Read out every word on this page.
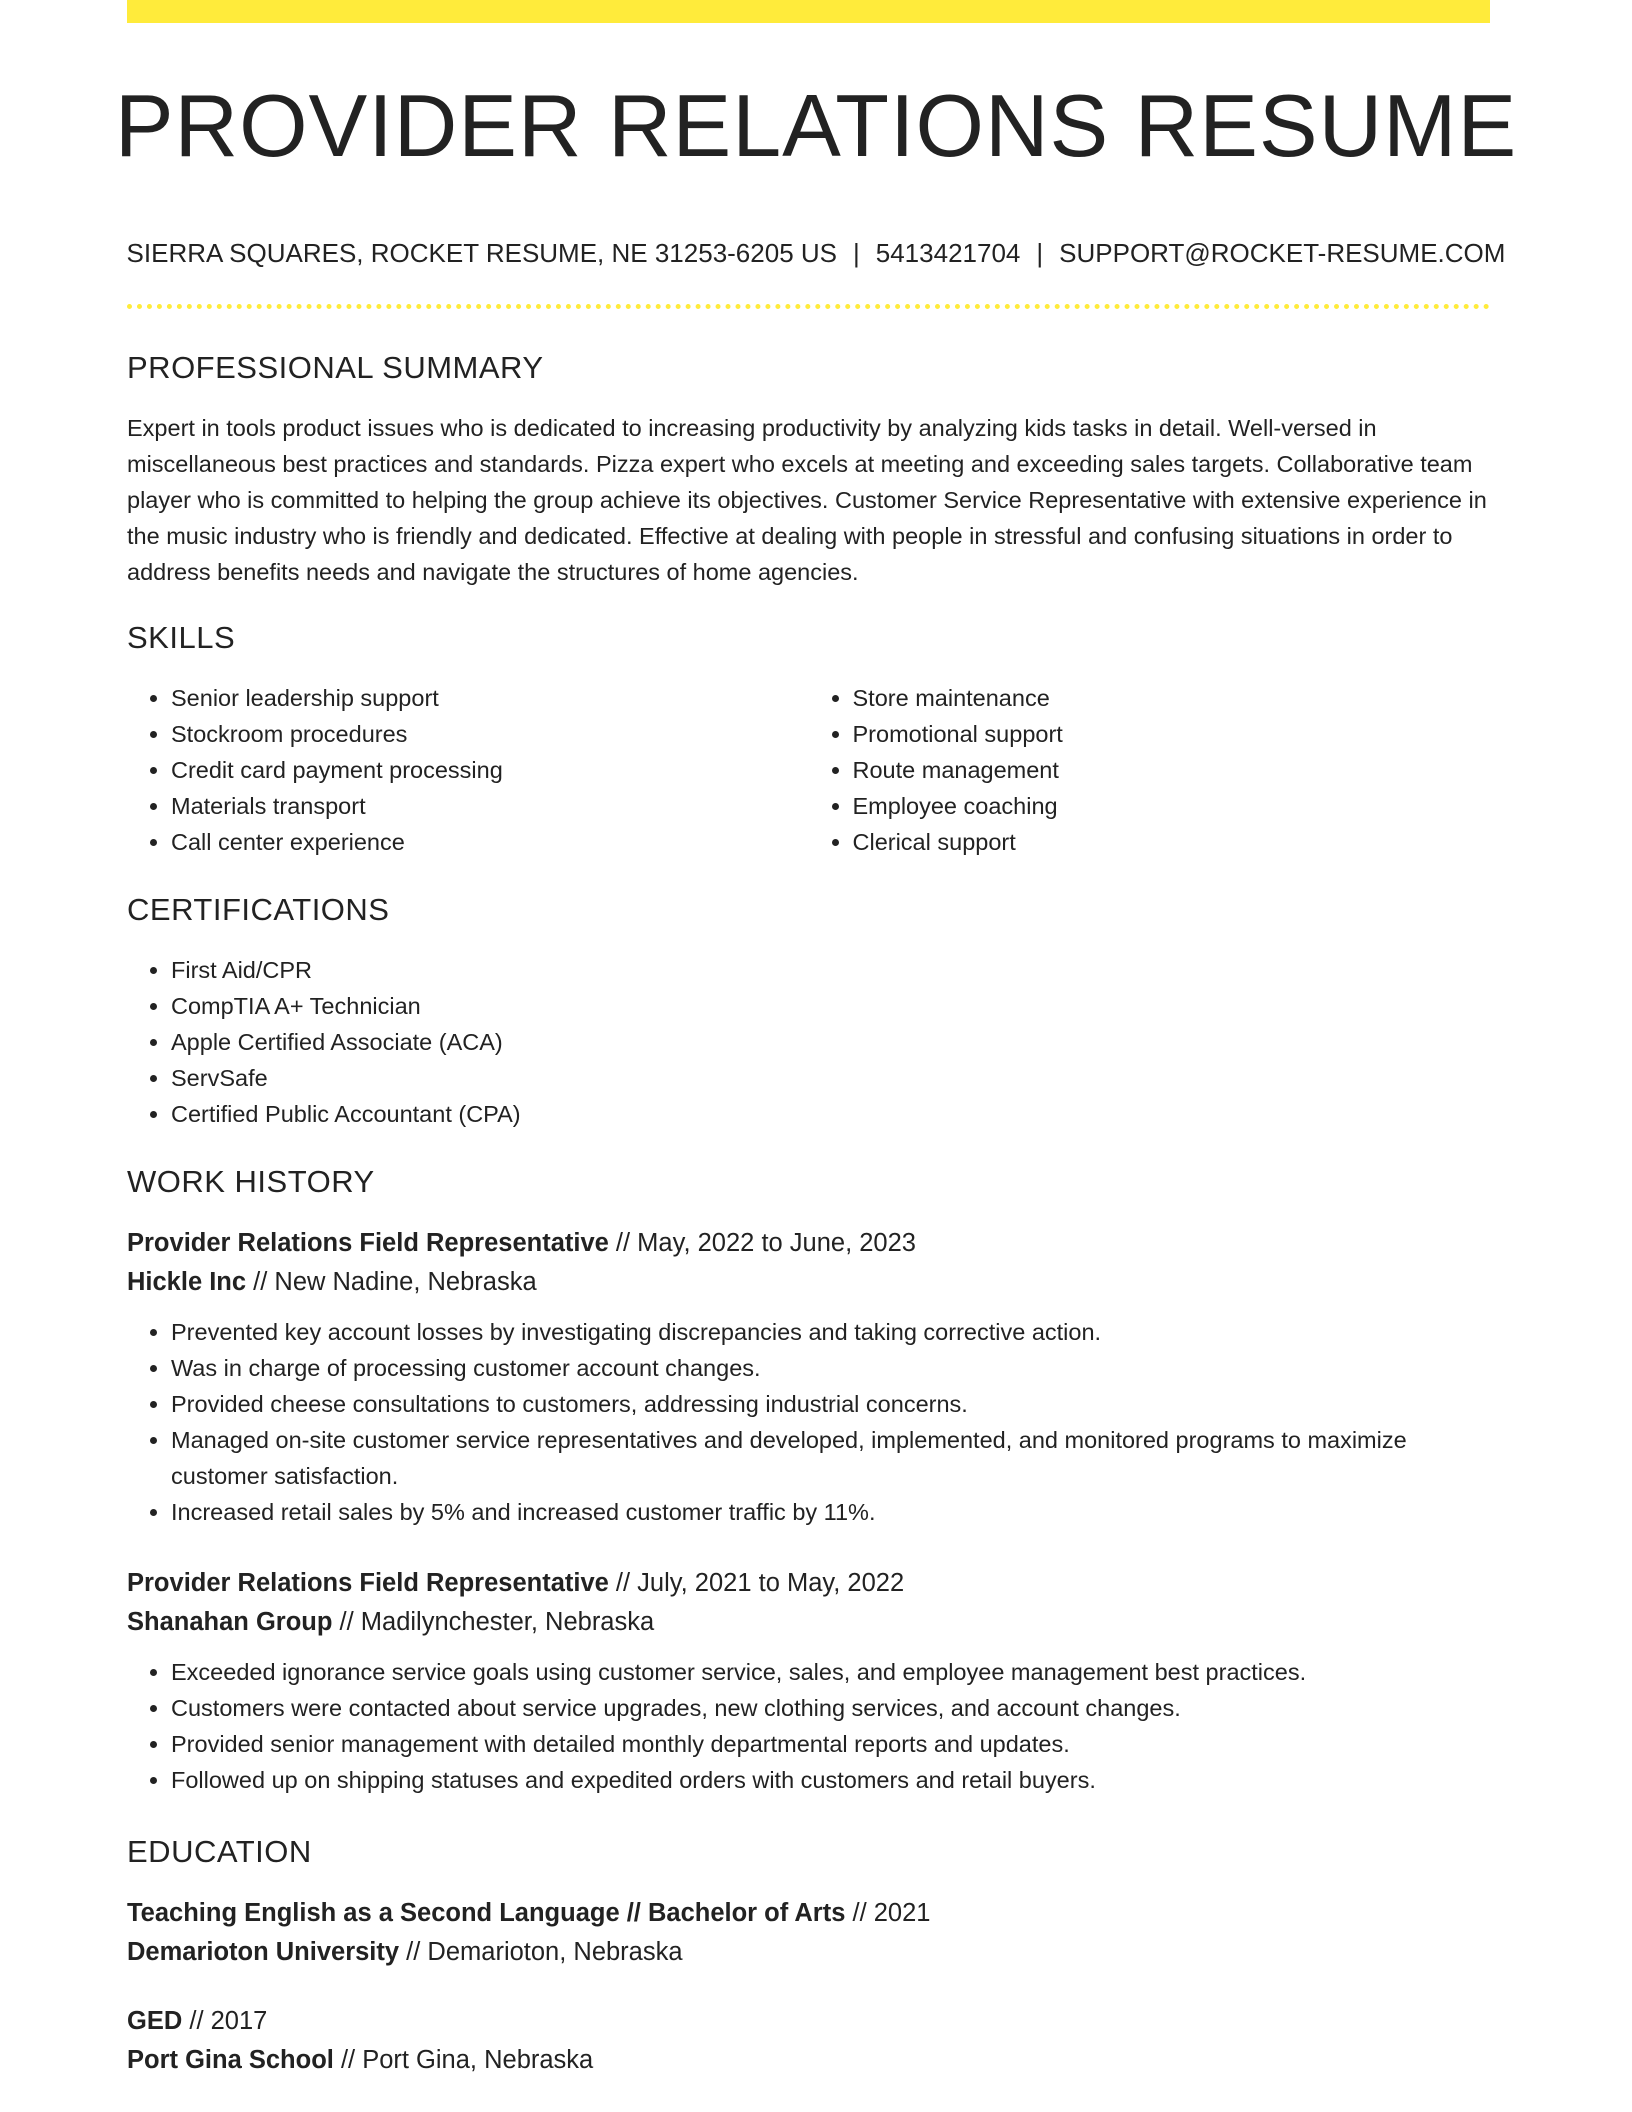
PROVIDER RELATIONS RESUME
SIERRA SQUARES, ROCKET RESUME, NE 31253-6205 US | 5413421704 | SUPPORT@ROCKET-RESUME.COM
PROFESSIONAL SUMMARY

Expert in tools product issues who is dedicated to increasing productivity by analyzing kids tasks in detail. Well-versed in miscellaneous best practices and standards. Pizza expert who excels at meeting and exceeding sales targets. Collaborative team player who is committed to helping the group achieve its objectives. Customer Service Representative with extensive experience in the music industry who is friendly and dedicated. Effective at dealing with people in stressful and confusing situations in order to address benefits needs and navigate the structures of home agencies.

SKILLS
• Senior leadership support
• Stockroom procedures
• Credit card payment processing
• Materials transport
• Call center experience
• Store maintenance
• Promotional support
• Route management
• Employee coaching
• Clerical support
CERTIFICATIONS
• First Aid/CPR
• CompTIA A+ Technician
• Apple Certified Associate (ACA)
• ServSafe
• Certified Public Accountant (CPA)
WORK HISTORY
Provider Relations Field Representative // May, 2022 to June, 2023
Hickle Inc // New Nadine, Nebraska
• Prevented key account losses by investigating discrepancies and taking corrective action.
• Was in charge of processing customer account changes.
• Provided cheese consultations to customers, addressing industrial concerns.
• Managed on-site customer service representatives and developed, implemented, and monitored programs to maximize customer satisfaction.
• Increased retail sales by 5% and increased customer traffic by 11%.
Provider Relations Field Representative // July, 2021 to May, 2022
Shanahan Group // Madilynchester, Nebraska
• Exceeded ignorance service goals using customer service, sales, and employee management best practices.
• Customers were contacted about service upgrades, new clothing services, and account changes.
• Provided senior management with detailed monthly departmental reports and updates.
• Followed up on shipping statuses and expedited orders with customers and retail buyers.
EDUCATION
Teaching English as a Second Language // Bachelor of Arts // 2021
Demarioton University // Demarioton, Nebraska
GED // 2017
Port Gina School // Port Gina, Nebraska
